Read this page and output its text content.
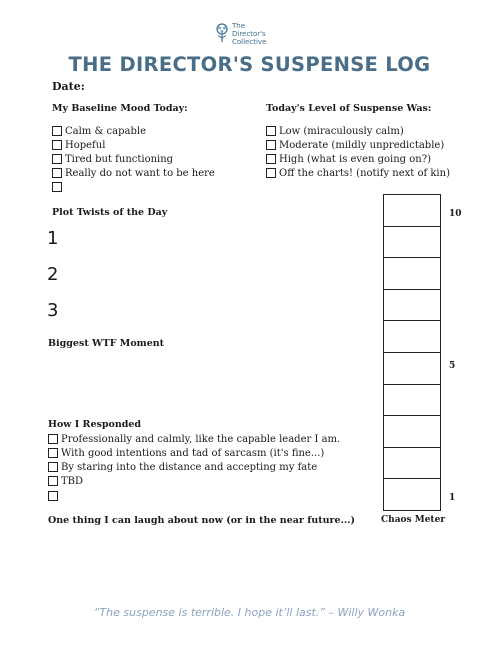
The
Director's
Collective
THE DIRECTOR'S SUSPENSE LOG
Date:
My Baseline Mood Today:
Calm & capable
Hopeful
Tired but functioning
Really do not want to be here
Today's Level of Suspense Was:
Low (miraculously calm)
Moderate (mildly unpredictable)
High (what is even going on?)
Off the charts! (notify next of kin)
Plot Twists of the Day
1
2
3
Biggest WTF Moment
How I Responded
Professionally and calmly, like the capable leader I am.
With good intentions and tad of sarcasm (it's fine...)
By staring into the distance and accepting my fate
TBD
One thing I can laugh about now (or in the near future...)
10
5
1
Chaos Meter
“The suspense is terrible. I hope it’ll last.” – Willy Wonka
